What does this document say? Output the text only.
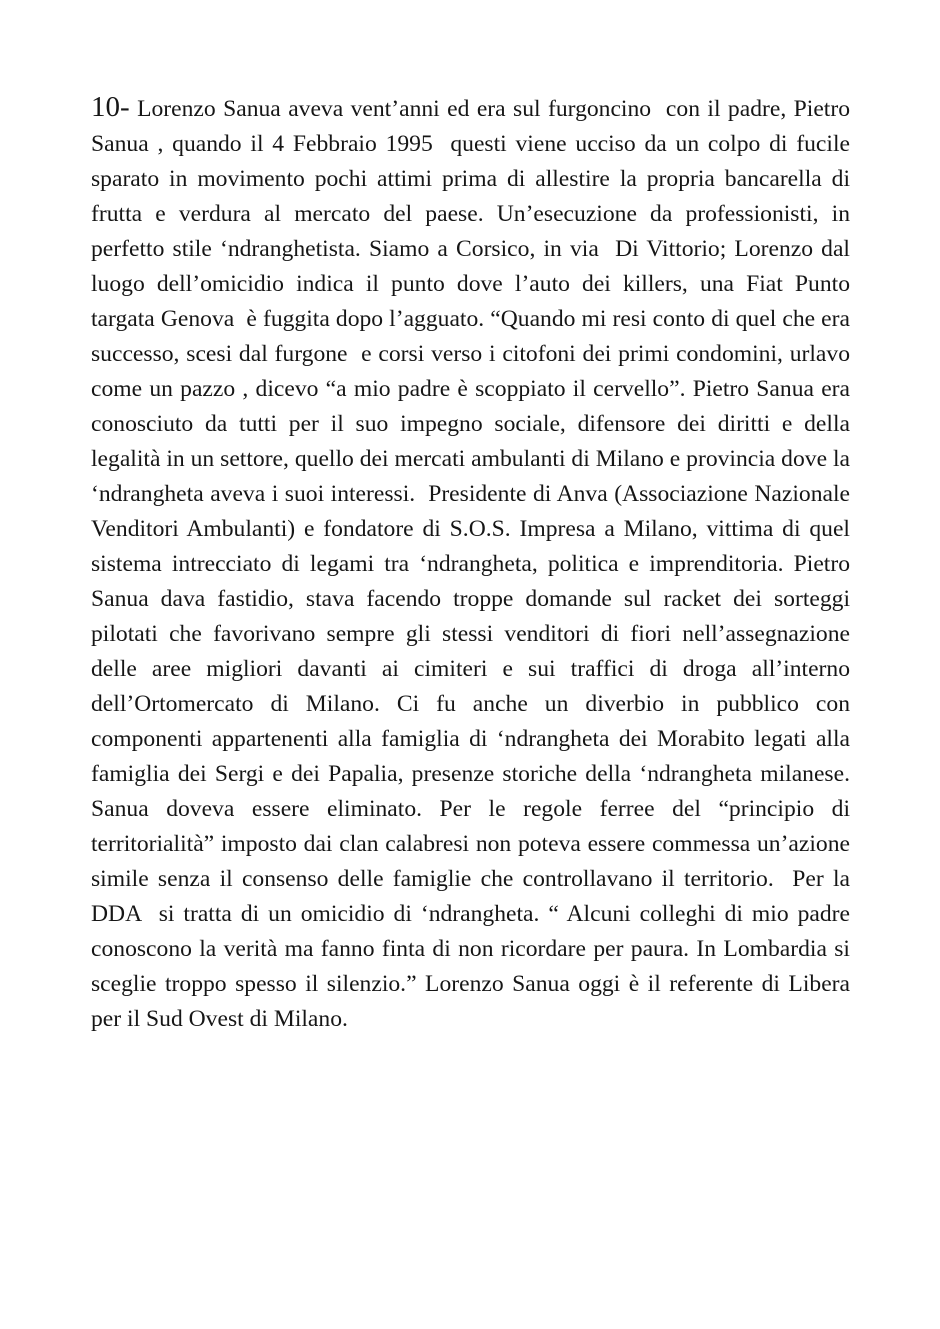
10- Lorenzo Sanua aveva vent’anni ed era sul furgoncino  con il padre, Pietro Sanua , quando il 4 Febbraio 1995  questi viene ucciso da un colpo di fucile sparato in movimento pochi attimi prima di allestire la propria bancarella di frutta e verdura al mercato del paese. Un’esecuzione da professionisti, in perfetto stile ‘ndranghetista. Siamo a Corsico, in via  Di Vittorio; Lorenzo dal luogo dell’omicidio indica il punto dove l’auto dei killers, una Fiat Punto targata Genova  è fuggita dopo l’agguato. “Quando mi resi conto di quel che era successo, scesi dal furgone  e corsi verso i citofoni dei primi condomini, urlavo come un pazzo , dicevo “a mio padre è scoppiato il cervello”. Pietro Sanua era conosciuto da tutti per il suo impegno sociale, difensore dei diritti e della legalità in un settore, quello dei mercati ambulanti di Milano e provincia dove la ‘ndrangheta aveva i suoi interessi.  Presidente di Anva (Associazione Nazionale Venditori Ambulanti) e fondatore di S.O.S. Impresa a Milano, vittima di quel sistema intrecciato di legami tra ‘ndrangheta, politica e imprenditoria. Pietro Sanua dava fastidio, stava facendo troppe domande sul racket dei sorteggi pilotati che favorivano sempre gli stessi venditori di fiori nell’assegnazione delle aree migliori davanti ai cimiteri e sui traffici di droga all’interno dell’Ortomercato di Milano. Ci fu anche un diverbio in pubblico con componenti appartenenti alla famiglia di ‘ndrangheta dei Morabito legati alla famiglia dei Sergi e dei Papalia, presenze storiche della ‘ndrangheta milanese. Sanua doveva essere eliminato. Per le regole ferree del “principio di territorialità” imposto dai clan calabresi non poteva essere commessa un’azione simile senza il consenso delle famiglie che controllavano il territorio.  Per la DDA  si tratta di un omicidio di ‘ndrangheta. “ Alcuni colleghi di mio padre conoscono la verità ma fanno finta di non ricordare per paura. In Lombardia si sceglie troppo spesso il silenzio.” Lorenzo Sanua oggi è il referente di Libera per il Sud Ovest di Milano.
